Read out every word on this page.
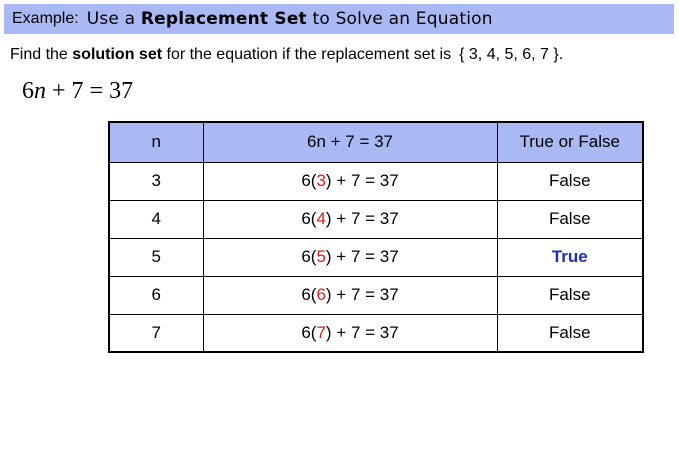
Example: Use a Replacement Set to Solve an Equation
Find the solution set for the equation if the replacement set is { 3, 4, 5, 6, 7 }.
6n + 7 = 37
n	6n + 7 = 37	True or False
3	6(3) + 7 = 37	False
4	6(4) + 7 = 37	False
5	6(5) + 7 = 37	True
6	6(6) + 7 = 37	False
7	6(7) + 7 = 37	False
